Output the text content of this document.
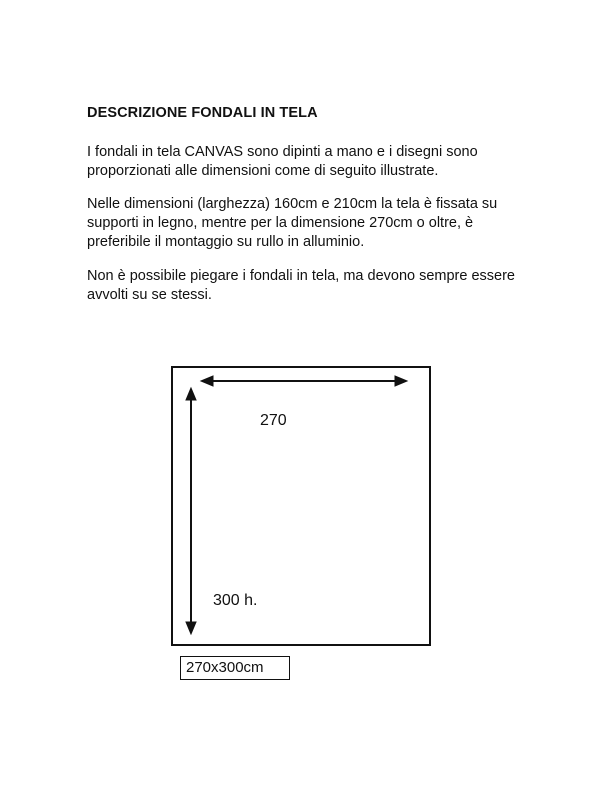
DESCRIZIONE FONDALI IN TELA

I fondali in tela CANVAS sono dipinti a mano e i disegni sono proporzionati alle dimensioni come di seguito illustrate.

Nelle dimensioni (larghezza) 160cm e 210cm la tela è fissata su supporti in legno, mentre per la dimensione 270cm o oltre, è preferibile il montaggio su rullo in alluminio.

Non è possibile piegare i fondali in tela, ma devono sempre essere avvolti su se stessi.

270
300 h.
270x300cm
